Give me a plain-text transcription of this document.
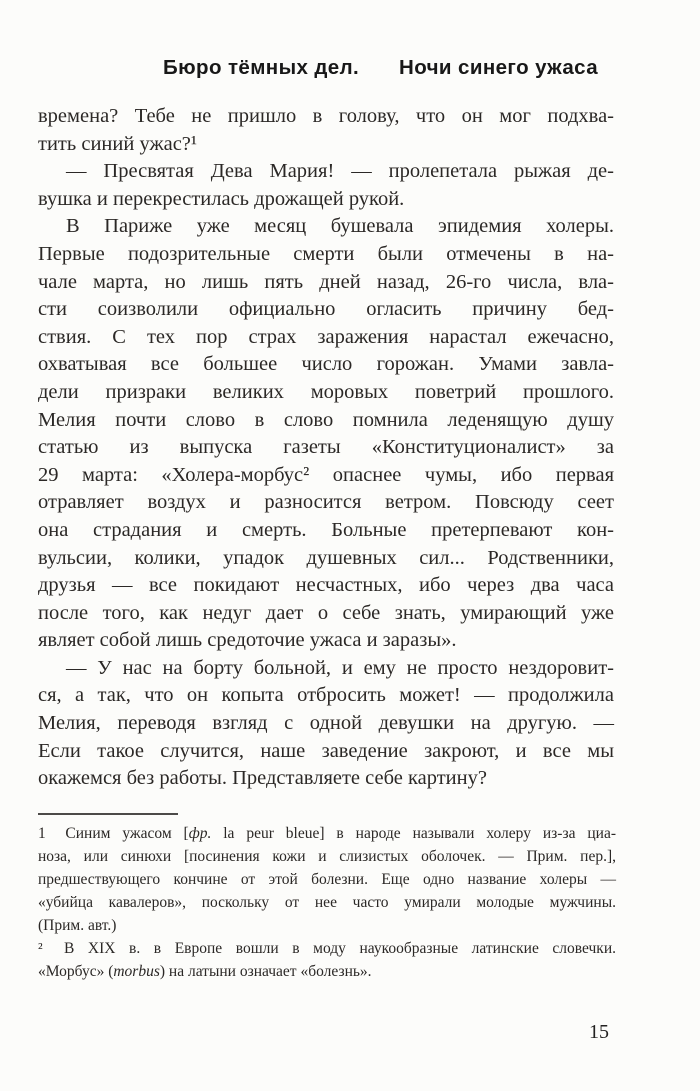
Бюро тёмных дел. Ночи синего ужаса
времена? Тебе не пришло в голову, что он мог подхва-
тить синий ужас?¹
— Пресвятая Дева Мария! — пролепетала рыжая де-
вушка и перекрестилась дрожащей рукой.
В Париже уже месяц бушевала эпидемия холеры.
Первые подозрительные смерти были отмечены в на-
чале марта, но лишь пять дней назад, 26-го числа, вла-
сти соизволили официально огласить причину бед-
ствия. С тех пор страх заражения нарастал ежечасно,
охватывая все большее число горожан. Умами завла-
дели призраки великих моровых поветрий прошлого.
Мелия почти слово в слово помнила леденящую душу
статью из выпуска газеты «Конституционалист» за
29 марта: «Холера-морбус² опаснее чумы, ибо первая
отравляет воздух и разносится ветром. Повсюду сеет
она страдания и смерть. Больные претерпевают кон-
вульсии, колики, упадок душевных сил... Родственники,
друзья — все покидают несчастных, ибо через два часа
после того, как недуг дает о себе знать, умирающий уже
являет собой лишь средоточие ужаса и заразы».
— У нас на борту больной, и ему не просто нездоровит-
ся, а так, что он копыта отбросить может! — продолжила
Мелия, переводя взгляд с одной девушки на другую. —
Если такое случится, наше заведение закроют, и все мы
окажемся без работы. Представляете себе картину?
1  Синим ужасом [фр. la peur bleue] в народе называли холеру из-за циа-
ноза, или синюхи [посинения кожи и слизистых оболочек. — Прим. пер.],
предшествующего кончине от этой болезни. Еще одно название холеры —
«убийца кавалеров», поскольку от нее часто умирали молодые мужчины.
(Прим. авт.)
²  В XIX в. в Европе вошли в моду наукообразные латинские словечки.
«Морбус» (morbus) на латыни означает «болезнь».
15
